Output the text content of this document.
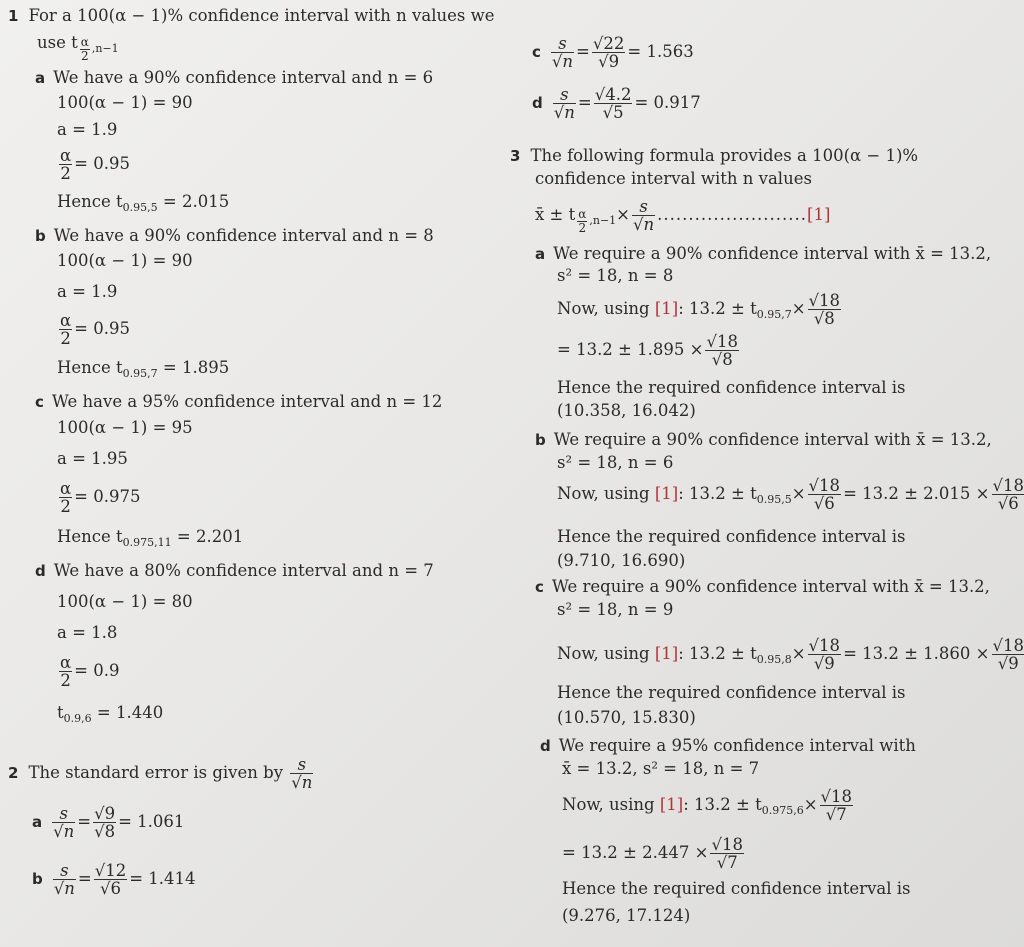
1 For a 100(α − 1)% confidence interval with n values we
use t $_{\frac{\alpha}{2} ,n-1}$
a We have a 90% confidence interval and n = 6
100(α − 1) = 90
a = 1.9
$\frac{\alpha}{2} = 0.95$
Hence $t_{0.95,5} = 2.015$
b We have a 90% confidence interval and n = 8
100(α − 1) = 90
a = 1.9
$\frac{\alpha}{2} = 0.95$
Hence $t_{0.95,7} = 1.895$
c We have a 95% confidence interval and n = 12
100(α − 1) = 95
a = 1.95
$\frac{\alpha}{2} = 0.975$
Hence $t_{0.975,11} = 2.201$
d We have a 80% confidence interval and n = 7
100(α − 1) = 80
a = 1.8
$\frac{\alpha}{2} = 0.9$
$t_{0.9,6} = 1.440$
2 The standard error is given by $\frac{s}{√n}$
a $\frac{s}{√n} = \frac{√9}{√8} = 1.061$
b $\frac{s}{√n} = \frac{√12}{√6} = 1.414$
c $\frac{s}{√n} = \frac{√22}{√9} = 1.563$
d $\frac{s}{√n} = \frac{√4.2}{√5} = 0.917$
3 The following formula provides a 100(α − 1)%
confidence interval with n values
x̄ ± t $_{\frac{\alpha}{2} ,n-1}\times \frac{s}{√n} ........................[1]$
a We require a 90% confidence interval with x̄ = 13.2,
s² = 18, n = 8
Now, using [1]: $13.2 \pm t_{0.95,7}\times \frac{√18}{√8}$
= $13.2 \pm 1.895 \times \frac{√18}{√8}$
Hence the required confidence interval is
(10.358, 16.042)
b We require a 90% confidence interval with x̄ = 13.2,
s² = 18, n = 6
Now, using [1]: $13.2 \pm t_{0.95,5}\times \frac{√18}{√6} = 13.2 \pm 2.015 \times \frac{√18}{√6}$
Hence the required confidence interval is
(9.710, 16.690)
c We require a 90% confidence interval with x̄ = 13.2,
s² = 18, n = 9
Now, using [1]: $13.2 \pm t_{0.95,8}\times \frac{√18}{√9} = 13.2 \pm 1.860 \times \frac{√18}{√9}$
Hence the required confidence interval is
(10.570, 15.830)
d We require a 95% confidence interval with
x̄ = 13.2, s² = 18, n = 7
Now, using [1]: $13.2 \pm t_{0.975,6}\times \frac{√18}{√7}$
= $13.2 \pm 2.447 \times \frac{√18}{√7}$
Hence the required confidence interval is
(9.276, 17.124)
